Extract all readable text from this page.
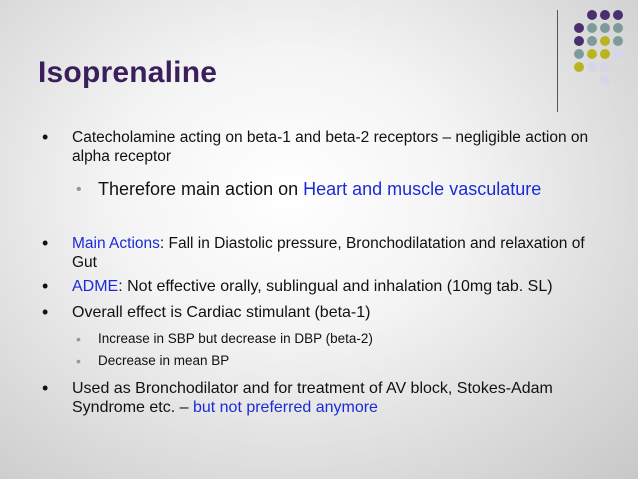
Isoprenaline
• Catecholamine acting on beta-1 and beta-2 receptors – negligible action on alpha receptor
• Therefore main action on Heart and muscle vasculature
• Main Actions: Fall in Diastolic pressure, Bronchodilatation and relaxation of Gut
• ADME: Not effective orally, sublingual and inhalation (10mg tab. SL)
• Overall effect is Cardiac stimulant (beta-1)
• Increase in SBP but decrease in DBP (beta-2)
• Decrease in mean BP
• Used as Bronchodilator and for treatment of AV block, Stokes-Adam Syndrome etc. – but not preferred anymore
